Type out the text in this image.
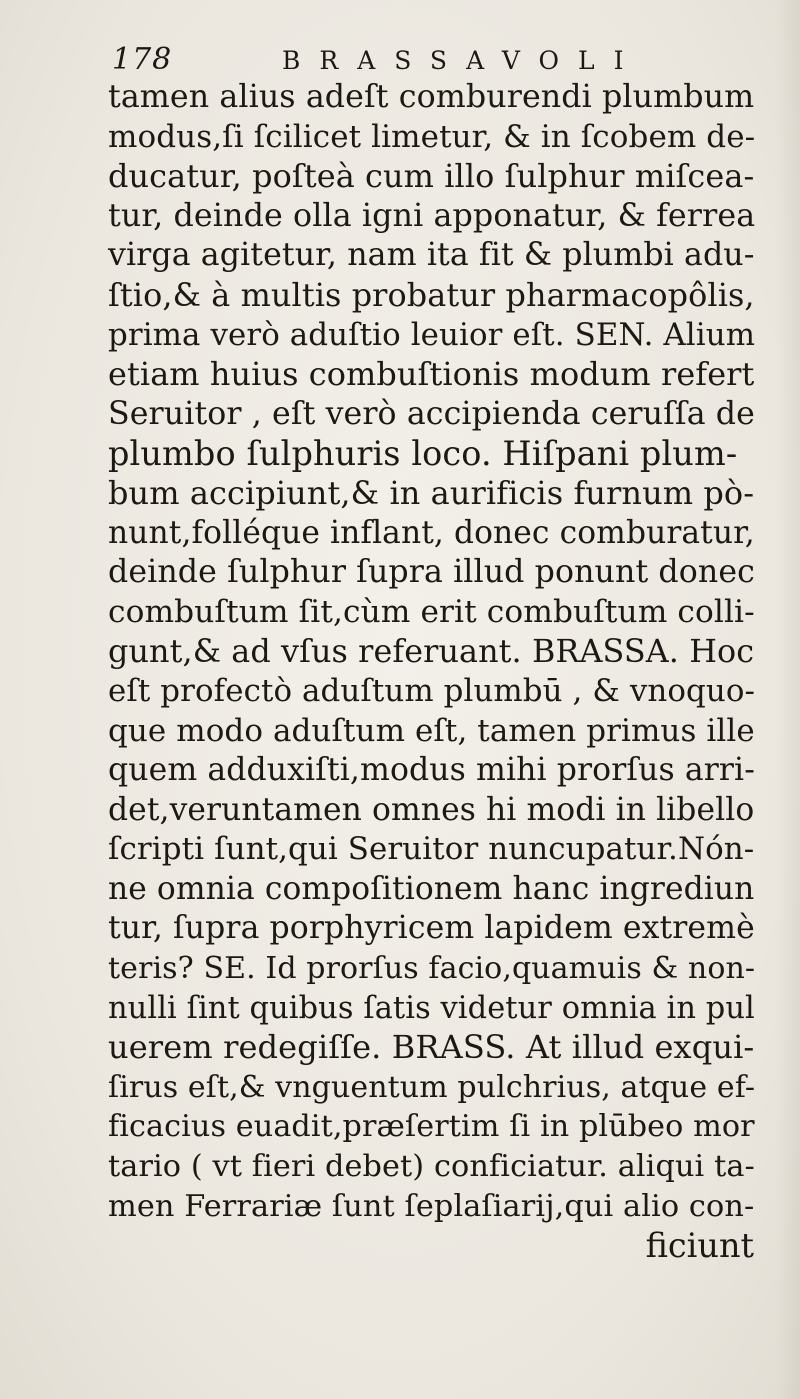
178	BRASSAVOLI
tamen alius adeſt comburendi plumbum
modus,ſi ſcilicet limetur, & in ſcobem de-
ducatur, poſteà cum illo ſulphur miſcea-
tur, deinde olla igni apponatur, & ferrea
virga agitetur, nam ita fit & plumbi adu-
ſtio,& à multis probatur pharmacopôlis,
prima verò aduſtio leuior eſt. SEN. Alium
etiam huius combuſtionis modum refert
Seruitor , eſt verò accipienda ceruſſa de
plumbo ſulphuris loco. Hiſpani plum-
bum accipiunt,& in aurificis furnum pò-
nunt,folléque inflant, donec comburatur,
deinde ſulphur ſupra illud ponunt donec
combuſtum ſit,cùm erit combuſtum colli-
gunt,& ad vſus referuant. BRASSA. Hoc
eſt profectò aduſtum plumbū , & vnoquo-
que modo aduſtum eſt, tamen primus ille
quem adduxiſti,modus mihi prorſus arri-
det,veruntamen omnes hi modi in libello
ſcripti ſunt,qui Seruitor nuncupatur.Nón-
ne omnia compoſitionem hanc ingrediun
tur, ſupra porphyricem lapidem extremè
teris? SE. Id prorſus facio,quamuis & non-
nulli ſint quibus ſatis videtur omnia in pul
uerem redegiſſe. BRASS. At illud exqui-
ſirus eſt,& vnguentum pulchrius, atque ef-
ficacius euadit,præſertim ſi in plūbeo mor
tario ( vt fieri debet) conficiatur. aliqui ta-
men Ferrariæ ſunt ſeplaſiarij,qui alio con-
ficiunt
